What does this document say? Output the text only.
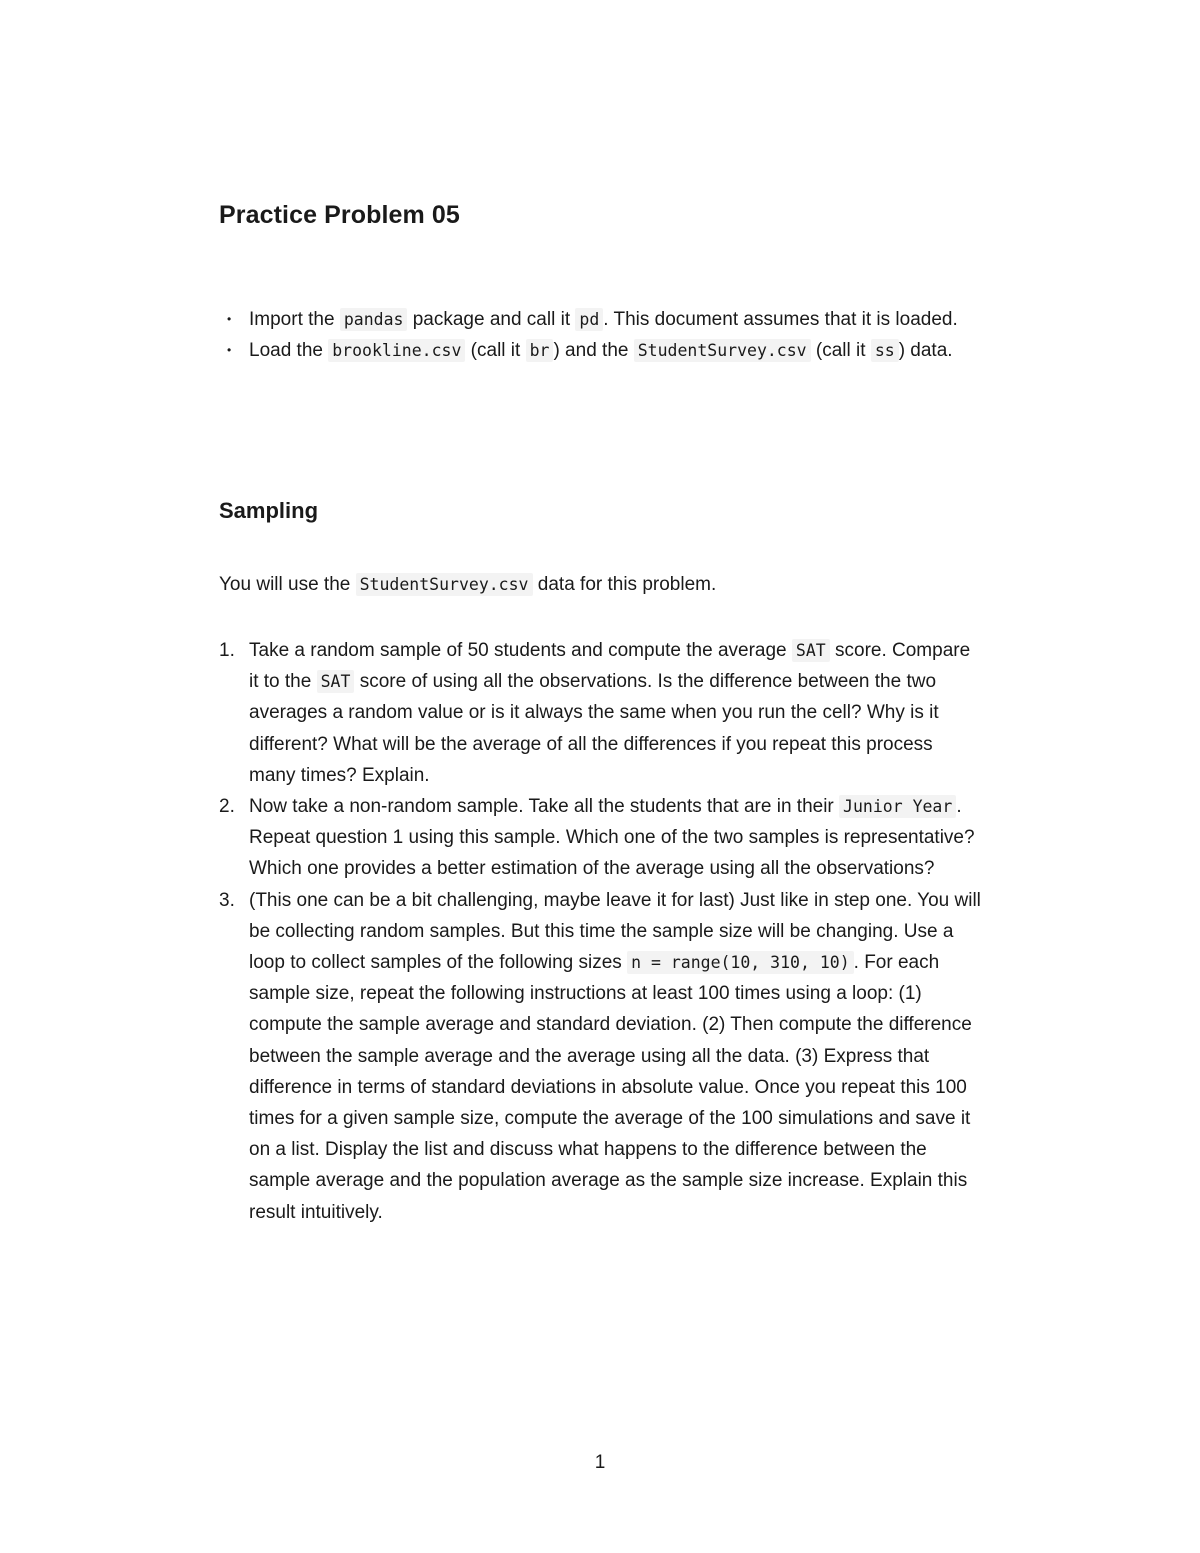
Practice Problem 05
• Import the pandas package and call it pd . This document assumes that it is loaded.
• Load the brookline.csv (call it br ) and the StudentSurvey.csv (call it ss ) data.
Sampling

You will use the StudentSurvey.csv data for this problem.

1. Take a random sample of 50 students and compute the average SAT score. Compare it to the SAT score of using all the observations. Is the difference between the two averages a random value or is it always the same when you run the cell? Why is it different? What will be the average of all the differences if you repeat this process many times? Explain.
2. Now take a non-random sample. Take all the students that are in their Junior Year . Repeat question 1 using this sample. Which one of the two samples is representative? Which one provides a better estimation of the average using all the observations?
3. (This one can be a bit challenging, maybe leave it for last) Just like in step one. You will be collecting random samples. But this time the sample size will be changing. Use a loop to collect samples of the following sizes n = range(10, 310, 10) . For each sample size, repeat the following instructions at least 100 times using a loop: (1) compute the sample average and standard deviation. (2) Then compute the difference between the sample average and the average using all the data. (3) Express that difference in terms of standard deviations in absolute value. Once you repeat this 100 times for a given sample size, compute the average of the 100 simulations and save it on a list. Display the list and discuss what happens to the difference between the sample average and the population average as the sample size increase. Explain this result intuitively.
1
